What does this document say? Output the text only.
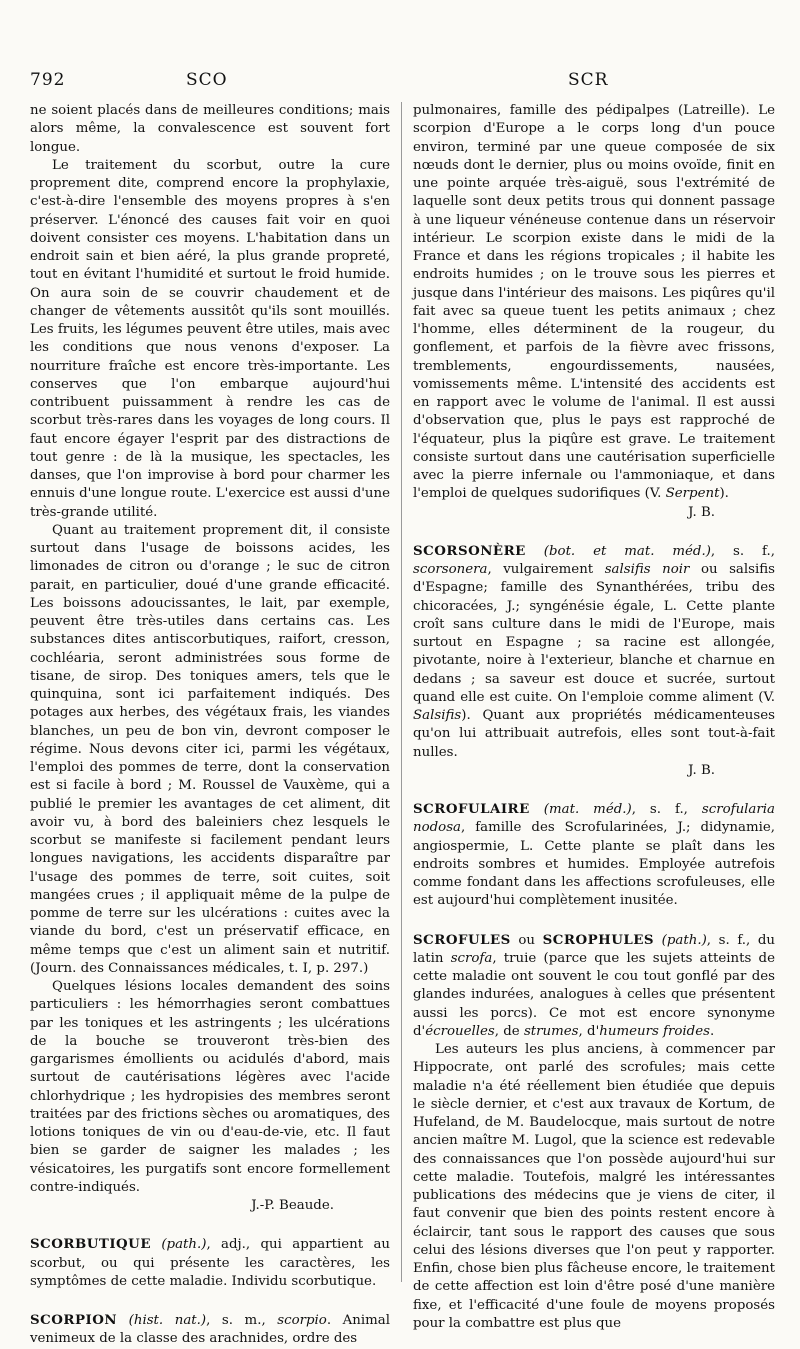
792	SCO	SCR

ne soient placés dans de meilleures conditions; mais alors même, la convalescence est souvent fort longue.

Le traitement du scorbut, outre la cure proprement dite, comprend encore la prophylaxie, c'est-à-dire l'ensemble des moyens propres à s'en préserver. L'énoncé des causes fait voir en quoi doivent consister ces moyens. L'habitation dans un endroit sain et bien aéré, la plus grande propreté, tout en évitant l'humidité et surtout le froid humide. On aura soin de se couvrir chaudement et de changer de vêtements aussitôt qu'ils sont mouillés. Les fruits, les légumes peuvent être utiles, mais avec les conditions que nous venons d'exposer. La nourriture fraîche est encore très-importante. Les conserves que l'on embarque aujourd'hui contribuent puissamment à rendre les cas de scorbut très-rares dans les voyages de long cours. Il faut encore égayer l'esprit par des distractions de tout genre : de là la musique, les spectacles, les danses, que l'on improvise à bord pour charmer les ennuis d'une longue route. L'exercice est aussi d'une très-grande utilité.

Quant au traitement proprement dit, il consiste surtout dans l'usage de boissons acides, les limonades de citron ou d'orange ; le suc de citron parait, en particulier, doué d'une grande efficacité. Les boissons adoucissantes, le lait, par exemple, peuvent être très-utiles dans certains cas. Les substances dites antiscorbutiques, raifort, cresson, cochléaria, seront administrées sous forme de tisane, de sirop. Des toniques amers, tels que le quinquina, sont ici parfaitement indiqués. Des potages aux herbes, des végétaux frais, les viandes blanches, un peu de bon vin, devront composer le régime. Nous devons citer ici, parmi les végétaux, l'emploi des pommes de terre, dont la conservation est si facile à bord ; M. Roussel de Vauxème, qui a publié le premier les avantages de cet aliment, dit avoir vu, à bord des baleiniers chez lesquels le scorbut se manifeste si facilement pendant leurs longues navigations, les accidents disparaître par l'usage des pommes de terre, soit cuites, soit mangées crues ; il appliquait même de la pulpe de pomme de terre sur les ulcérations : cuites avec la viande du bord, c'est un préservatif efficace, en même temps que c'est un aliment sain et nutritif. (Journ. des Connaissances médicales, t. I, p. 297.)

Quelques lésions locales demandent des soins particuliers : les hémorrhagies seront combattues par les toniques et les astringents ; les ulcérations de la bouche se trouveront très-bien des gargarismes émollients ou acidulés d'abord, mais surtout de cautérisations légères avec l'acide chlorhydrique ; les hydropisies des membres seront traitées par des frictions sèches ou aromatiques, des lotions toniques de vin ou d'eau-de-vie, etc. Il faut bien se garder de saigner les malades ; les vésicatoires, les purgatifs sont encore formellement contre-indiqués.

J.-P. Beaude.

SCORBUTIQUE (path.), adj., qui appartient au scorbut, ou qui présente les caractères, les symptômes de cette maladie. Individu scorbutique.

SCORPION (hist. nat.), s. m., scorpio. Animal venimeux de la classe des arachnides, ordre des

pulmonaires, famille des pédipalpes (Latreille). Le scorpion d'Europe a le corps long d'un pouce environ, terminé par une queue composée de six nœuds dont le dernier, plus ou moins ovoïde, finit en une pointe arquée très-aiguë, sous l'extrémité de laquelle sont deux petits trous qui donnent passage à une liqueur vénéneuse contenue dans un réservoir intérieur. Le scorpion existe dans le midi de la France et dans les régions tropicales ; il habite les endroits humides ; on le trouve sous les pierres et jusque dans l'intérieur des maisons. Les piqûres qu'il fait avec sa queue tuent les petits animaux ; chez l'homme, elles déterminent de la rougeur, du gonflement, et parfois de la fièvre avec frissons, tremblements, engourdissements, nausées, vomissements même. L'intensité des accidents est en rapport avec le volume de l'animal. Il est aussi d'observation que, plus le pays est rapproché de l'équateur, plus la piqûre est grave. Le traitement consiste surtout dans une cautérisation superficielle avec la pierre infernale ou l'ammoniaque, et dans l'emploi de quelques sudorifiques (V. Serpent).

J. B.

SCORSONÈRE (bot. et mat. méd.), s. f., scorsonera, vulgairement salsifis noir ou salsifis d'Espagne; famille des Synanthérées, tribu des chicoracées, J.; syngénésie égale, L. Cette plante croît sans culture dans le midi de l'Europe, mais surtout en Espagne ; sa racine est allongée, pivotante, noire à l'exterieur, blanche et charnue en dedans ; sa saveur est douce et sucrée, surtout quand elle est cuite. On l'emploie comme aliment (V. Salsifis). Quant aux propriétés médicamenteuses qu'on lui attribuait autrefois, elles sont tout-à-fait nulles.

J. B.

SCROFULAIRE (mat. méd.), s. f., scrofularia nodosa, famille des Scrofularinées, J.; didynamie, angiospermie, L. Cette plante se plaît dans les endroits sombres et humides. Employée autrefois comme fondant dans les affections scrofuleuses, elle est aujourd'hui complètement inusitée.

SCROFULES ou SCROPHULES (path.), s. f., du latin scrofa, truie (parce que les sujets atteints de cette maladie ont souvent le cou tout gonflé par des glandes indurées, analogues à celles que présentent aussi les porcs). Ce mot est encore synonyme d'écrouelles, de strumes, d'humeurs froides.

Les auteurs les plus anciens, à commencer par Hippocrate, ont parlé des scrofules; mais cette maladie n'a été réellement bien étudiée que depuis le siècle dernier, et c'est aux travaux de Kortum, de Hufeland, de M. Baudelocque, mais surtout de notre ancien maître M. Lugol, que la science est redevable des connaissances que l'on possède aujourd'hui sur cette maladie. Toutefois, malgré les intéressantes publications des médecins que je viens de citer, il faut convenir que bien des points restent encore à éclaircir, tant sous le rapport des causes que sous celui des lésions diverses que l'on peut y rapporter. Enfin, chose bien plus fâcheuse encore, le traitement de cette affection est loin d'être posé d'une manière fixe, et l'efficacité d'une foule de moyens proposés pour la combattre est plus que
